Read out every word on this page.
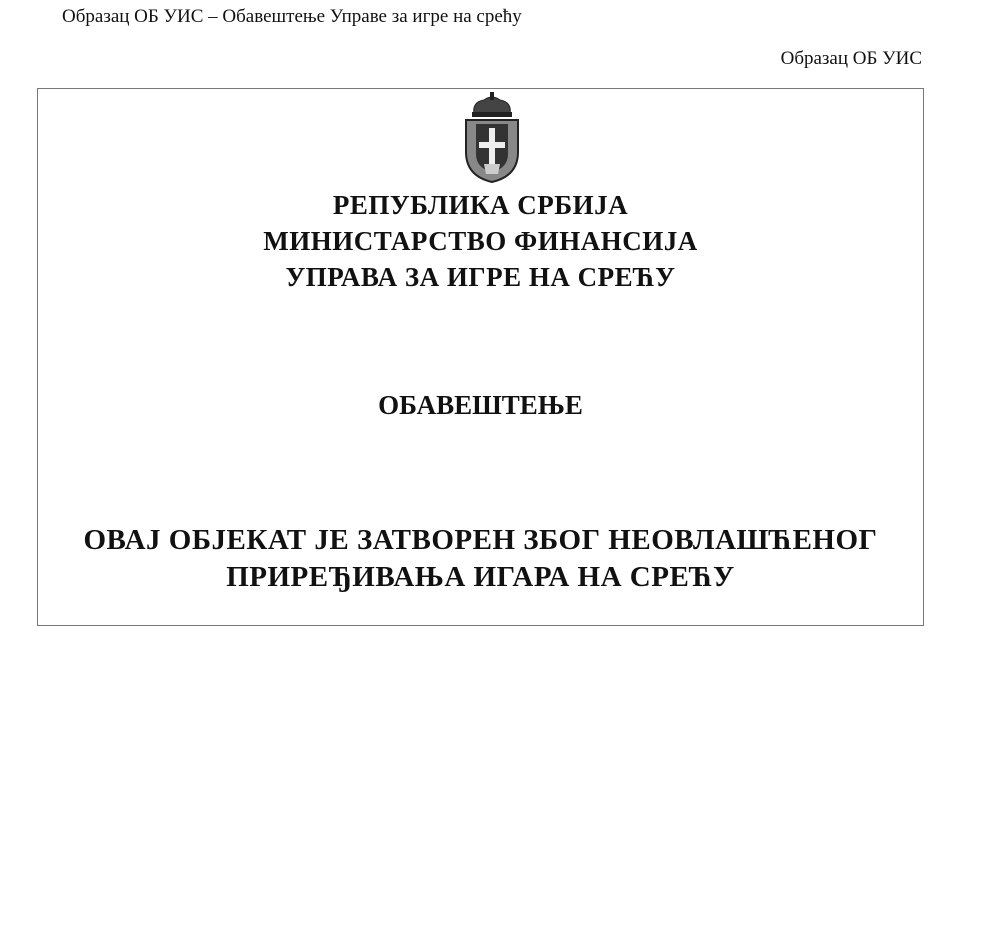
Образац ОБ УИС – Обавештење Управе за игре на срећу
Образац ОБ УИС
РЕПУБЛИКА СРБИЈА
МИНИСТАРСТВО ФИНАНСИЈА
УПРАВА ЗА ИГРЕ НА СРЕЋУ
ОБАВЕШТЕЊЕ
ОВАЈ ОБЈЕКАТ ЈЕ ЗАТВОРЕН ЗБОГ НЕОВЛАШЋЕНОГ
ПРИРЕЂИВАЊА ИГАРА НА СРЕЋУ
